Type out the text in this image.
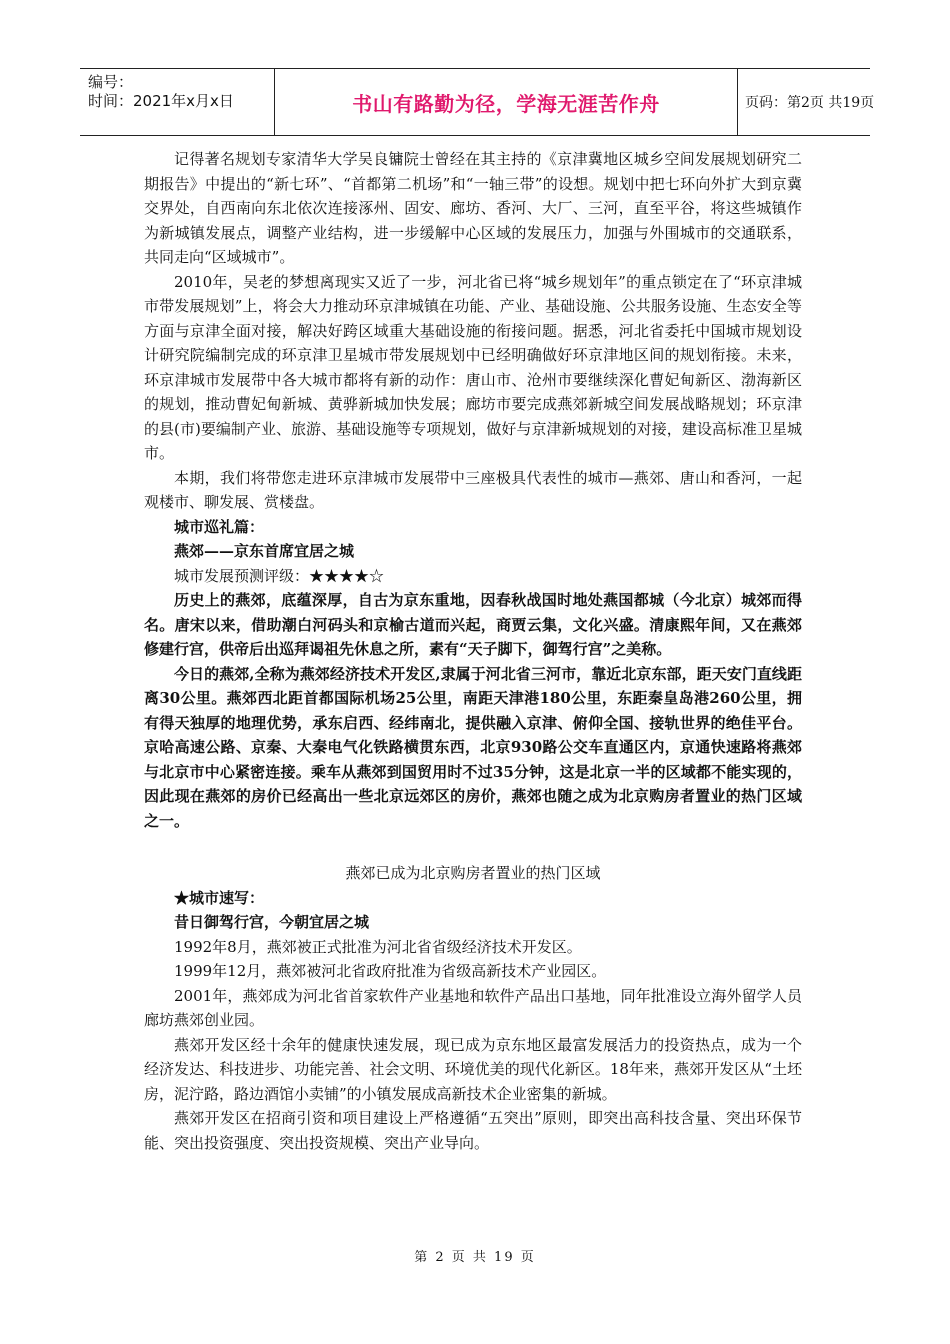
编号：
时间：2021年x月x日	书山有路勤为径，学海无涯苦作舟	页码：第2页 共19页

记得著名规划专家清华大学吴良镛院士曾经在其主持的《京津冀地区城乡空间发展规划研究二期报告》中提出的“新七环”、“首都第二机场”和“一轴三带”的设想。规划中把七环向外扩大到京冀交界处，自西南向东北依次连接涿州、固安、廊坊、香河、大厂、三河，直至平谷，将这些城镇作为新城镇发展点，调整产业结构，进一步缓解中心区域的发展压力，加强与外围城市的交通联系，共同走向“区域城市”。

2010年，吴老的梦想离现实又近了一步，河北省已将“城乡规划年”的重点锁定在了“环京津城市带发展规划”上，将会大力推动环京津城镇在功能、产业、基础设施、公共服务设施、生态安全等方面与京津全面对接，解决好跨区域重大基础设施的衔接问题。据悉，河北省委托中国城市规划设计研究院编制完成的环京津卫星城市带发展规划中已经明确做好环京津地区间的规划衔接。未来，环京津城市发展带中各大城市都将有新的动作：唐山市、沧州市要继续深化曹妃甸新区、渤海新区的规划，推动曹妃甸新城、黄骅新城加快发展；廊坊市要完成燕郊新城空间发展战略规划；环京津的县(市)要编制产业、旅游、基础设施等专项规划，做好与京津新城规划的对接，建设高标准卫星城市。

本期，我们将带您走进环京津城市发展带中三座极具代表性的城市—燕郊、唐山和香河，一起观楼市、聊发展、赏楼盘。

城市巡礼篇：

燕郊——京东首席宜居之城

城市发展预测评级：★★★★☆

历史上的燕郊，底蕴深厚，自古为京东重地，因春秋战国时地处燕国都城（今北京）城郊而得名。唐宋以来，借助潮白河码头和京榆古道而兴起，商贾云集，文化兴盛。清康熙年间，又在燕郊修建行宫，供帝后出巡拜谒祖先休息之所，素有“天子脚下，御驾行宫”之美称。

今日的燕郊,全称为燕郊经济技术开发区,隶属于河北省三河市，靠近北京东部，距天安门直线距离30公里。燕郊西北距首都国际机场25公里，南距天津港180公里，东距秦皇岛港260公里，拥有得天独厚的地理优势，承东启西、经纬南北，提供融入京津、俯仰全国、接轨世界的绝佳平台。京哈高速公路、京秦、大秦电气化铁路横贯东西，北京930路公交车直通区内，京通快速路将燕郊与北京市中心紧密连接。乘车从燕郊到国贸用时不过35分钟，这是北京一半的区域都不能实现的，因此现在燕郊的房价已经高出一些北京远郊区的房价，燕郊也随之成为北京购房者置业的热门区域之一。

燕郊已成为北京购房者置业的热门区域

★城市速写：

昔日御驾行宫，今朝宜居之城

1992年8月，燕郊被正式批准为河北省省级经济技术开发区。

1999年12月，燕郊被河北省政府批准为省级高新技术产业园区。

2001年，燕郊成为河北省首家软件产业基地和软件产品出口基地，同年批准设立海外留学人员廊坊燕郊创业园。

燕郊开发区经十余年的健康快速发展，现已成为京东地区最富发展活力的投资热点，成为一个经济发达、科技进步、功能完善、社会文明、环境优美的现代化新区。18年来，燕郊开发区从“土坯房，泥泞路，路边酒馆小卖铺”的小镇发展成高新技术企业密集的新城。

燕郊开发区在招商引资和项目建设上严格遵循“五突出”原则，即突出高科技含量、突出环保节能、突出投资强度、突出投资规模、突出产业导向。

第 2 页 共 19 页
